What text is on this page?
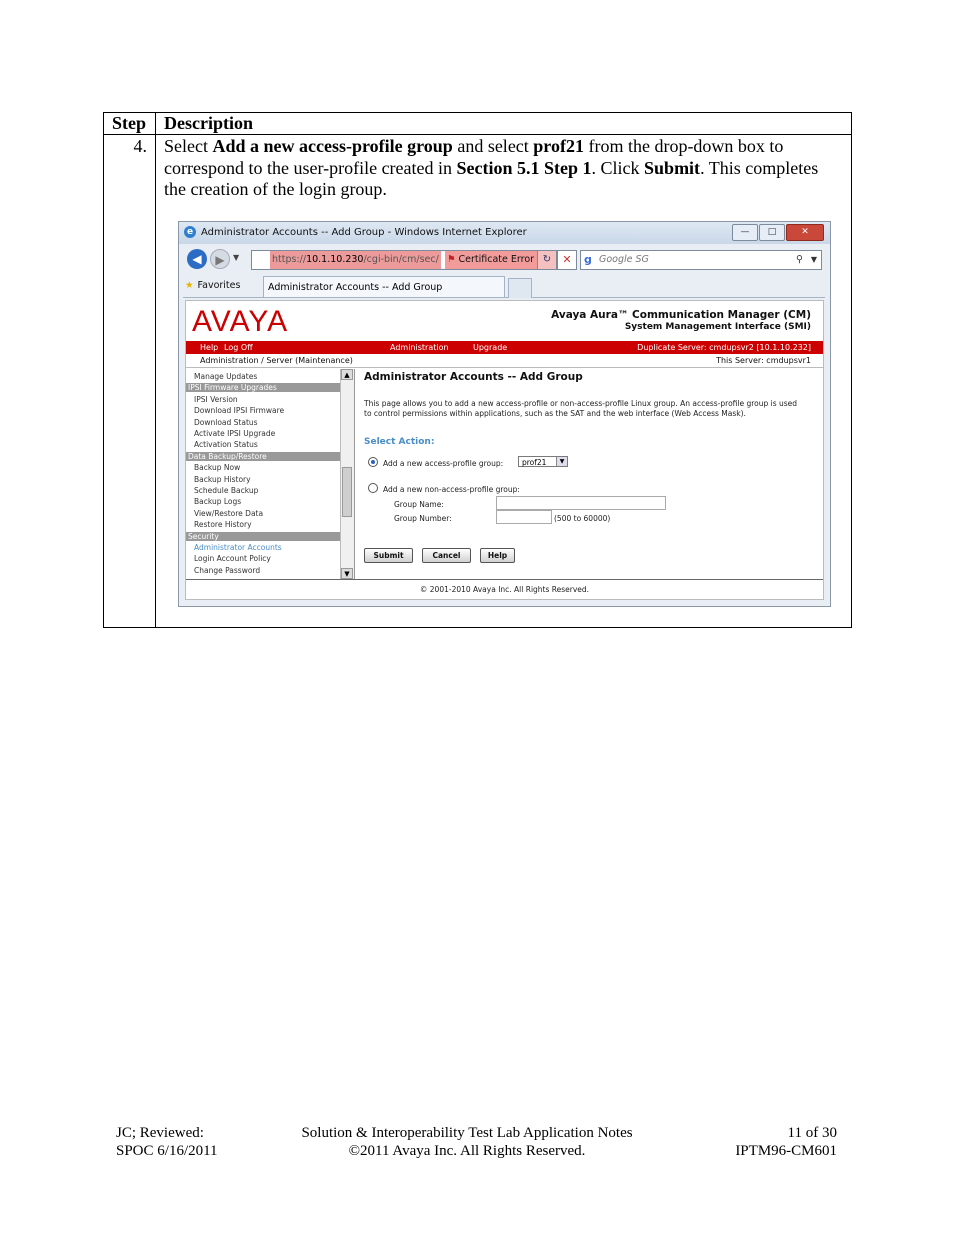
Step	Description
4.	Select Add a new access-profile group and select prof21 from the drop-down box to correspond to the user-profile created in Section 5.1 Step 1. Click Submit. This completes the creation of the login group.
e Administrator Accounts -- Add Group - Windows Internet Explorer	—	□	✕
◀	▶	▼	https://10.1.10.230/cgi-bin/cm/sec/ ⚑ Certificate Error ↻	✕	g Google SG	⚲ ▼
★ Favorites	Administrator Accounts -- Add Group
AVAYA	Avaya Aura™ Communication Manager (CM)
System Management Interface (SMI)
Help Log Off	Administration	Upgrade	Duplicate Server: cmdupsvr2 [10.1.10.232]
Administration / Server (Maintenance)	This Server: cmdupsvr1
Change Password
Login Account Policy
Administrator Accounts
Security
Restore History
View/Restore Data
Backup Logs
Schedule Backup
Backup History
Backup Now
Data Backup/Restore
Activation Status
Activate IPSI Upgrade
Download Status
Download IPSI Firmware
IPSI Version
IPSI Firmware Upgrades
Manage Updates	▲
▼
Administrator Accounts -- Add Group
This page allows you to add a new access-profile or non-access-profile Linux group. An access-profile group is used to control permissions within applications, such as the SAT and the web interface (Web Access Mask).
Select Action:
Add a new access-profile group:	prof21	▼
Add a new non-access-profile group:
Group Name:
Group Number:	(500 to 60000)
Submit	Cancel	Help
© 2001-2010 Avaya Inc. All Rights Reserved.
JC; Reviewed:
SPOC 6/16/2011
Solution & Interoperability Test Lab Application Notes
©2011 Avaya Inc. All Rights Reserved.
11 of 30
IPTM96-CM601
